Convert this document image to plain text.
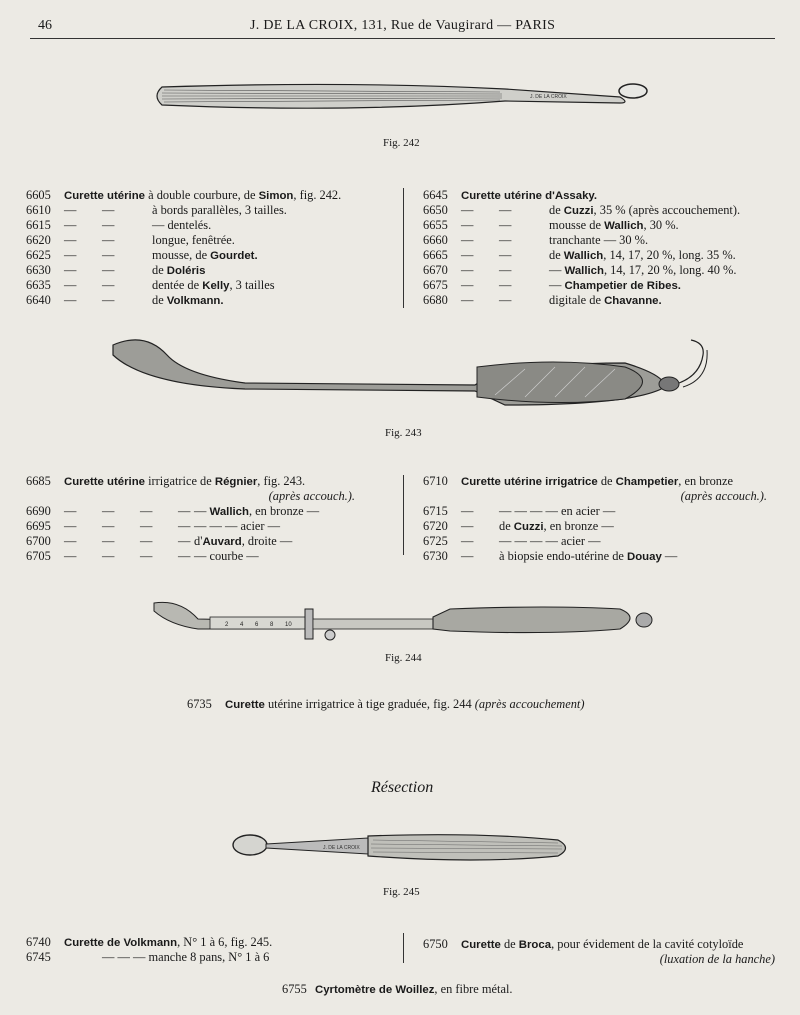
46	J. DE LA CROIX, 131, Rue de Vaugirard — PARIS
J. DE LA CROIX
Fig. 242
6605 Curette utérine à double courbure, de Simon, fig. 242.
6610 — —	à bords parallèles, 3 tailles.
6615 — —	— dentelés.
6620 — —	longue, fenêtrée.
6625 — —	mousse, de Gourdet.
6630 — —	de Doléris
6635 — —	dentée de Kelly, 3 tailles
6640 — —	de Volkmann.
6645 Curette utérine d'Assaky.
6650 — —	de Cuzzi, 35 % (après accouchement).
6655 — —	mousse de Wallich, 30 %.
6660 — —	tranchante — 30 %.
6665 — —	de Wallich, 14, 17, 20 %, long. 35 %.
6670 — —	— Wallich, 14, 17, 20 %, long. 40 %.
6675 — —	— Champetier de Ribes.
6680 — —	digitale de Chavanne.
Fig. 243
6685 Curette utérine irrigatrice de Régnier, fig. 243.
(après accouch.).
6690 — — — — — Wallich, en bronze —
6695 — — — — — — — acier —
6700 — — — — d'Auvard, droite —
6705 — — — — — courbe —
6710 Curette utérine irrigatrice de Champetier, en bronze
(après accouch.).
6715 — — — — — en acier —
6720 — de Cuzzi, en bronze —
6725 — — — — — acier —
6730 — à biopsie endo-utérine de Douay —
2 4 6 8 10
Fig. 244
6735 Curette utérine irrigatrice à tige graduée, fig. 244 (après accouchement)
Résection
J. DE LA CROIX
Fig. 245
6740 Curette de Volkmann, N° 1 à 6, fig. 245.
6745	— — — manche 8 pans, N° 1 à 6
6750 Curette de Broca, pour évidement de la cavité cotyloïde
(luxation de la hanche)
6755 Cyrtomètre de Woillez, en fibre métal.
